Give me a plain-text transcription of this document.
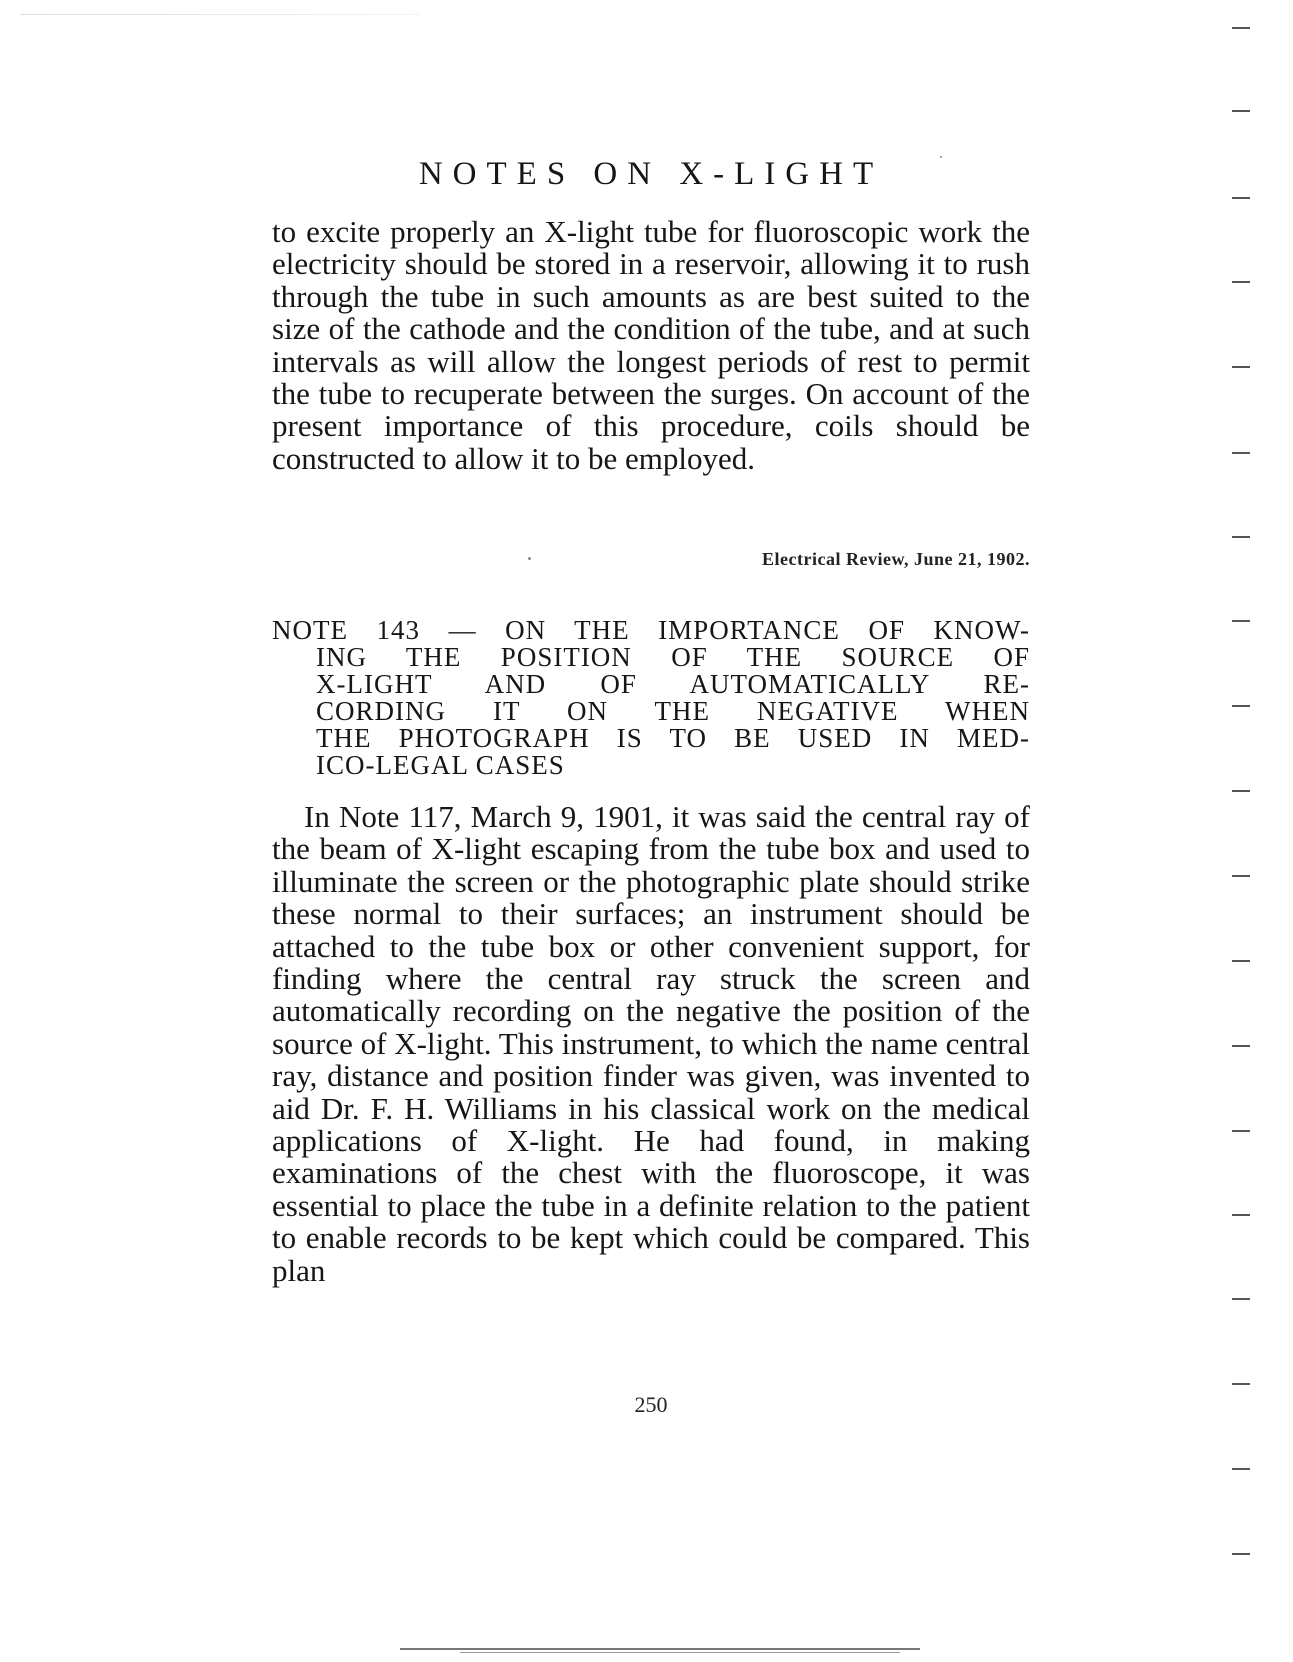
NOTES ON X-LIGHT

to excite properly an X-light tube for fluoroscopic work the electricity should be stored in a reservoir, allowing it to rush through the tube in such amounts as are best suited to the size of the cathode and the condition of the tube, and at such intervals as will allow the longest periods of rest to permit the tube to recuperate between the surges. On account of the present importance of this procedure, coils should be constructed to allow it to be employed.

Electrical Review, June 21, 1902.
NOTE 143 — ON THE IMPORTANCE OF KNOW-
ING THE POSITION OF THE SOURCE OF
X-LIGHT AND OF AUTOMATICALLY RE-
CORDING IT ON THE NEGATIVE WHEN
THE PHOTOGRAPH IS TO BE USED IN MED-
ICO-LEGAL CASES

In Note 117, March 9, 1901, it was said the central ray of the beam of X-light escaping from the tube box and used to illuminate the screen or the photographic plate should strike these normal to their surfaces; an instrument should be attached to the tube box or other convenient support, for finding where the central ray struck the screen and automatically recording on the negative the position of the source of X-light. This instrument, to which the name central ray, distance and position finder was given, was invented to aid Dr. F. H. Williams in his classical work on the medical applications of X-light. He had found, in making examinations of the chest with the fluoroscope, it was essential to place the tube in a definite relation to the patient to enable records to be kept which could be compared. This plan

250
